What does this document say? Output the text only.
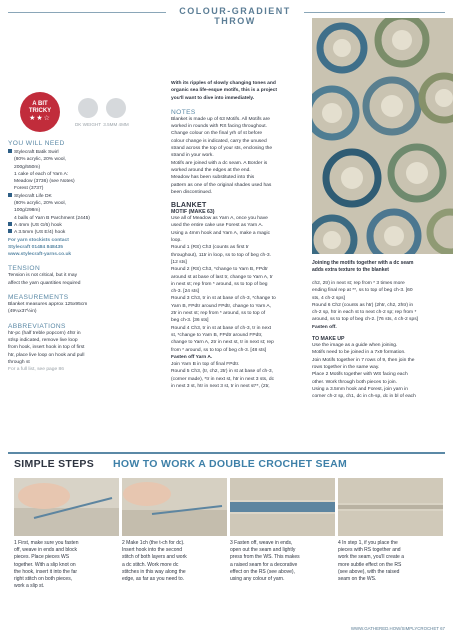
COLOUR-GRADIENT THROW
A BIT
TRICKY
★★☆
DK WEIGHT 3.5MM 4MM
YOU WILL NEED
Stylecraft Batik Swirl
(80% acrylic, 20% wool,
200g/550m)
1 cake of each of Yarn A:
Meadow (3736) (see Notes)
Forest (3737)
Stylecraft Life DK
(80% acrylic, 20% wool,
100g/298m)
4 balls of Yarn B Parchment (2445)
A 4mm (US G/6) hook
A 3.5mm (US E/4) hook
For yarn stockists contact
Stylecraft 01484 848435
www.stylecraft-yarns.co.uk
TENSION
Tension is not critical, but it may
affect the yarn quantities required
MEASUREMENTS
Blanket measures approx 125x95cm
(49¼x37½in)
ABBREVIATIONS
htr-pc (half treble popcorn) 4htr in
st/sp indicated, remove live loop
from hook, insert hook in top of first
htr, place live loop on hook and pull
through st
For a full list, see page 86
With its ripples of slowly changing tones and
organic sea life-esque motifs, this is a project
you'll want to dive into immediately.
NOTES
Blanket is made up of 63 Motifs. All Motifs are
worked in rounds with RS facing throughout.
Change colour on the final yrh of st before
colour change is indicated, carry the unused
strand across the top of your sts, enclosing the
strand in your work.
Motifs are joined with a dc seam. A Border is
worked around the edges at the end.
Meadow has been substituted into this
pattern as one of the original shades used has
been discontinued.
BLANKET
MOTIF (MAKE 63)
Use all of Meadow as Yarn A, once you have
used the entire cake use Forest as Yarn A.
Using a 4mm hook and Yarn A, make a magic
loop.
Round 1 (RS) Ch3 (counts as first tr
throughout), 11tr in loop, ss to top of beg ch-3.
[12 sts]
Round 2 (RS) Ch3, *change to Yarn B, FPdtr
around st at base of last tr, change to Yarn A, tr
in next st; rep from * around, ss to top of beg
ch-3. [24 sts]
Round 3 Ch3, tr in st at base of ch-3, *change to
Yarn B, FPdtr around FPdtr, change to Yarn A,
2tr in next st; rep from * around, ss to top of
beg ch-3. [36 sts]
Round 4 Ch3, tr in st at base of ch-3, tr in next
st, *change to Yarn B, FPdtr around FPdtr,
change to Yarn A, 2tr in next st, tr in next st; rep
from * around, ss to top of beg ch-3. [48 sts]
Fasten off Yarn A.
Join Yarn B in top of final FPdtr.
Round 5 Ch3, (tr, ch2, 2tr) in st at base of ch-3,
(corner made), *tr in next st, htr in next 3 sts, dc
in next 3 st, htr in next 3 st, tr in next st**, (2tr,
Joining the motifs together with a dc seam
adds extra texture to the blanket
ch2, 2tr) in next st; rep from * 3 times more
ending final rep at **, ss to top of beg ch-3. [60
sts, 4 ch-2 sps]
Round 6 Ch2 (counts as htr) (2htr, ch2, 2htr) in
ch-2 sp, htr in each st to next ch-2 sp; rep from *
around, ss to top of beg ch-2. [76 sts, 4 ch-2 sps]
Fasten off.
TO MAKE UP
Use the image as a guide when joining.
Motifs need to be joined in a 7x9 formation.
Join Motifs together in 7 rows of 9, then join the
rows together in the same way.
Place 2 Motifs together with WS facing each
other. Work through both pieces to join.
Using a 3.5mm hook and Forest, join yarn in
corner ch-2 sp, ch1, dc in ch-sp, dc in bl of each
SIMPLE STEPS HOW TO WORK A DOUBLE CROCHET SEAM
1 First, make sure you fasten
off, weave in ends and block
pieces. Place pieces WS
together. With a slip knot on
the hook, insert it into the far
right stitch on both pieces,
work a slip st.
2 Make 1ch (the t-ch for dc).
Insert hook into the second
stitch of both layers and work
a dc stitch. Work more dc
stitches in this way along the
edge, as far as you need to.
3 Fasten off, weave in ends,
open out the seam and lightly
press from the WS. This makes
a raised seam for a decorative
effect on the RS (see above),
using any colour of yarn.
4 In step 1, if you place the
pieces with RS together and
work the seam, you'll create a
more subtle effect on the RS
(see above), with the raised
seam on the WS.
WWW.GATHERED.HOW/SIMPLYCROCHET 67
